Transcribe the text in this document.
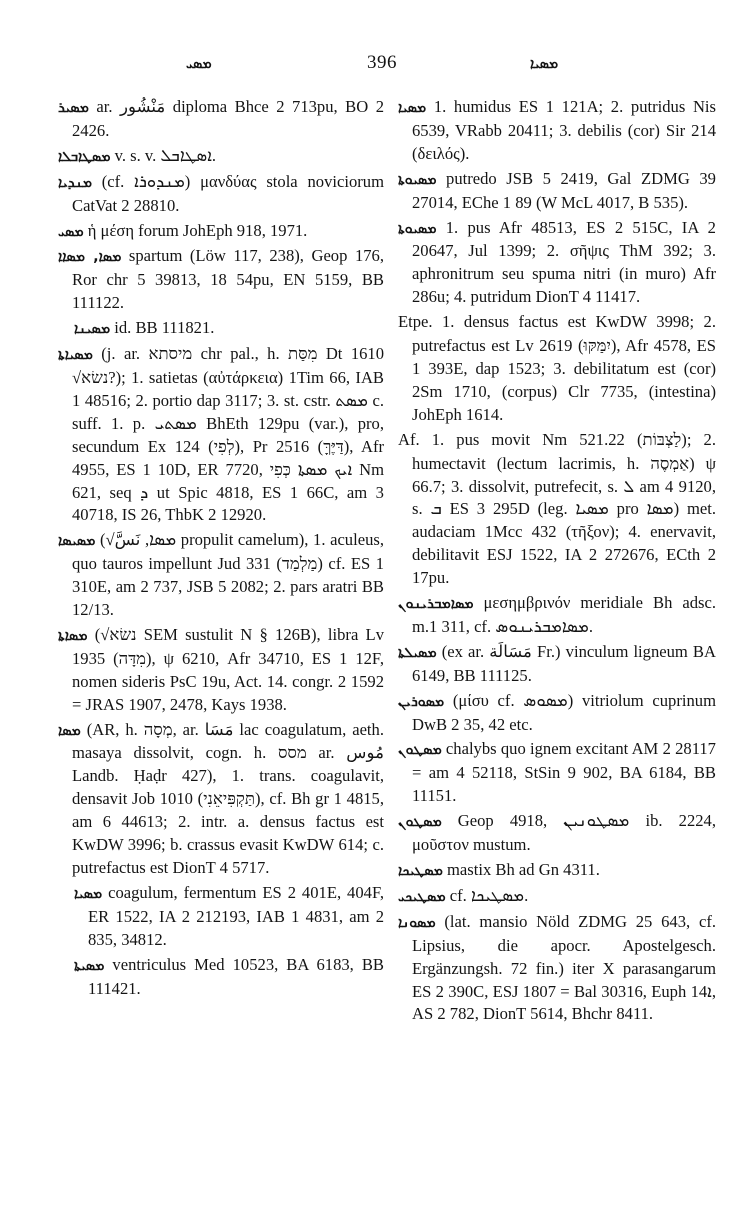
ܡܣܝ	396	ܡܣܝܐ

ܡܣܝܪ ar. مَنْشُور diploma Bhce 2 713pu, BO 2 2426.

ܡܣܛܐܒܠܐ v. s. v. ܐܣܛܐܒܠ.

ܡܢܕܝܐ (cf. ܡܢܕܘܪܐ) μανδύας stola noviciorum CatVat 2 28810.

ܡܣܝ ἡ μέση forum JohEph 918, 1971.

ܡܣܐ, ܡܣܐܐ spartum (Löw 117, 238), Geop 176, Ror chr 5 39813, 18 54pu, EN 5159, BB 111122.

ܡܣܝܢܐ id. BB 111821.

ܡܣܝܐܬܐ (j. ar. מיסתא chr pal., h. מִסַּת Dt 1610 √נשׂא?); 1. satietas (αὐτάρκεια) 1Tim 66, IAB 1 48516; 2. portio dap 3117; 3. st. cstr. ܡܣܬ c. suff. 1. p. ܡܣܬܝ BhEth 129pu (var.), pro, secundum Ex 124 (לְפִי), Pr 2516 (דַּיֶּךָּ), Afr 4955, ES 1 10D, ER 7720, ܐܝܟ ܡܣܬܐ כְּפִי Nm 621, seq ܕ ut Spic 4818, ES 1 66C, am 3 40718, IS 26, ThbK 2 12920.

ܡܣܝܣܐ (√ܡܣܐ, نَسَّ propulit camelum), 1. aculeus, quo tauros impellunt Jud 331 (מַלְמַד) cf. ES 1 310E, am 2 737, JSB 5 2082; 2. pars aratri BB 12/13.

ܡܣܐܬܐ (√נשׂא SEM sustulit N § 126B), libra Lv 1935 (מִדָּה), ψ 6210, Afr 34710, ES 1 12F, nomen sideris PsC 19u, Act. 14. congr. 2 1592 = JRAS 1907, 2478, Kays 1938.

ܡܣܐ (AR, h. מְסָה, ar. مَسَا lac coagulatum, aeth. masaya dissolvit, cogn. h. מסס ar. مُوس Landb. Ḥaḍr 427), 1. trans. coagulavit, densavit Job 1010 (תַּקְפִּיאֵנִי), cf. Bh gr 1 4815, am 6 44613; 2. intr. a. densus factus est KwDW 3996; b. crassus evasit KwDW 614; c. putrefactus est DionT 4 5717.

ܡܣܝܐ coagulum, fermentum ES 2 401E, 404F, ER 1522, IA 2 212193, IAB 1 4831, am 2 835, 34812.

ܡܣܝܬܐ ventriculus Med 10523, BA 6183, BB 111421.

ܡܣܝܐ 1. humidus ES 1 121A; 2. putridus Nis 6539, VRabb 20411; 3. debilis (cor) Sir 214 (δειλός).

ܡܣܝܘܬܐ putredo JSB 5 2419, Gal ZDMG 39 27014, EChe 1 89 (W McL 4017, B 535).

ܡܣܝܘܬܐ 1. pus Afr 48513, ES 2 515C, IA 2 20647, Jul 1399; 2. σῆψις ThM 392; 3. aphronitrum seu spuma nitri (in muro) Afr 286u; 4. putridum DionT 4 11417.

Etpe. 1. densus factus est KwDW 3998; 2. putrefactus est Lv 2619 (יִמַּקּוּ), Afr 4578, ES 1 393E, dap 1523; 3. debilitatum est (cor) 2Sm 1710, (corpus) Clr 7735, (intestina) JohEph 1614.

Af. 1. pus movit Nm 521.22 (לַצְבּוֹת); 2. humectavit (lectum lacrimis, h. אַמְסֶה) ψ 66.7; 3. dissolvit, putrefecit, s. ܠ am 4 9120, s. ܒ ES 3 295D (leg. ܡܣܝܐ pro ܡܣܐ) met. audaciam 1Mcc 432 (τῆξον); 4. enervavit, debilitavit ESJ 1522, IA 2 272676, ECth 2 17pu.

ܡܣܐܡܒܪܝܢܘܢ μεσημβρινόν meridiale Bh adsc. m.1 311, cf. ܡܣܐܡܒܪܝܢܘܣ.

ܡܣܝܠܬܐ (ex ar. مَسَالَة Fr.) vinculum ligneum BA 6149, BB 111125.

ܡܣܘܪܝܢ (μίσυ cf. ܡܣܘܣ) vitriolum cuprinum DwB 2 35, 42 etc.

ܡܣܛܘܢ chalybs quo ignem excitant AM 2 28117 = am 4 52118, StSin 9 902, BA 6184, BB 11151.

ܡܣܛܘܢ Geop 4918, ܡܣܛܘܢܝܢ ib. 2224, μοῦστον mustum.

ܡܣܛܝܟܐ mastix Bh ad Gn 4311.

ܡܣܛܝܟܝ cf. ܡܣܛܝܟܐ.

ܡܣܘܢܐ (lat. mansio Nöld ZDMG 25 643, cf. Lipsius, die apocr. Apostelgesch. Ergänzungsh. 72 fin.) iter X parasangarum ES 2 390C, ESJ 1807 = Bal 30316, Euph ܐ14, AS 2 782, DionT 5614, Bhchr 8411.
